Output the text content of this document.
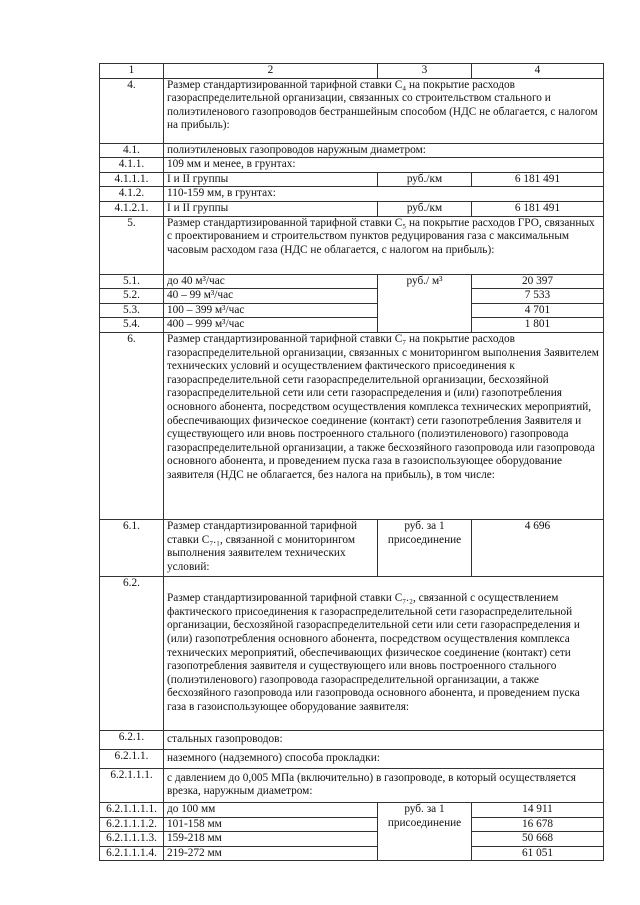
1	2	3	4
4.	Размер стандартизированной тарифной ставки С₄ на покрытие расходов газораспределительной организации, связанных со строительством стального и полиэтиленового газопроводов бестраншейным способом (НДС не облагается, с налогом на прибыль):		
4.1.	полиэтиленовых газопроводов наружным диаметром:		
4.1.1.	109 мм и менее, в грунтах:		
4.1.1.1.	I и II группы	руб./км	6 181 491
4.1.2.	110-159 мм, в грунтах:		
4.1.2.1.	I и II группы	руб./км	6 181 491
5.	Размер стандартизированной тарифной ставки С₅ на покрытие расходов ГРО, связанных с проектированием и строительством пунктов редуцирования газа с максимальным часовым расходом газа (НДС не облагается, с налогом на прибыль):		
5.1.	до 40 м³/час	руб./ м³	20 397
5.2.	40 – 99 м³/час		7 533
5.3.	100 – 399 м³/час		4 701
5.4.	400 – 999 м³/час		1 801
6.	Размер стандартизированной тарифной ставки С₇ на покрытие расходов газораспределительной организации, связанных с мониторингом выполнения Заявителем технических условий и осуществлением фактического присоединения к газораспределительной сети газораспределительной организации, бесхозяйной газораспределительной сети или сети газораспределения и (или) газопотребления основного абонента, посредством осуществления комплекса технических мероприятий, обеспечивающих физическое соединение (контакт) сети газопотребления Заявителя и существующего или вновь построенного стального (полиэтиленового) газопровода газораспределительной организации, а также бесхозяйного газопровода или газопровода основного абонента, и проведением пуска газа в газоиспользующее оборудование заявителя (НДС не облагается, без налога на прибыль), в том числе:		
6.1.	Размер стандартизированной тарифной ставки С₇.₁, связанной с мониторингом выполнения заявителем технических условий:	руб. за 1 присоединение	4 696
6.2.	Размер стандартизированной тарифной ставки С₇.₂, связанной с осуществлением фактического присоединения к газораспределительной сети газораспределительной организации, бесхозяйной газораспределительной сети или сети газораспределения и (или) газопотребления основного абонента, посредством осуществления комплекса технических мероприятий, обеспечивающих физическое соединение (контакт) сети газопотребления заявителя и существующего или вновь построенного стального (полиэтиленового) газопровода газораспределительной организации, а также бесхозяйного газопровода или газопровода основного абонента, и проведением пуска газа в газоиспользующее оборудование заявителя:		
6.2.1.	стальных газопроводов:		
6.2.1.1.	наземного (надземного) способа прокладки:		
6.2.1.1.1.	с давлением до 0,005 МПа (включительно) в газопроводе, в который осуществляется врезка, наружным диаметром:		
6.2.1.1.1.1.	до 100 мм	руб. за 1 присоединение	14 911
6.2.1.1.1.2.	101-158 мм		16 678
6.2.1.1.1.3.	159-218 мм		50 668
6.2.1.1.1.4.	219-272 мм		61 051
